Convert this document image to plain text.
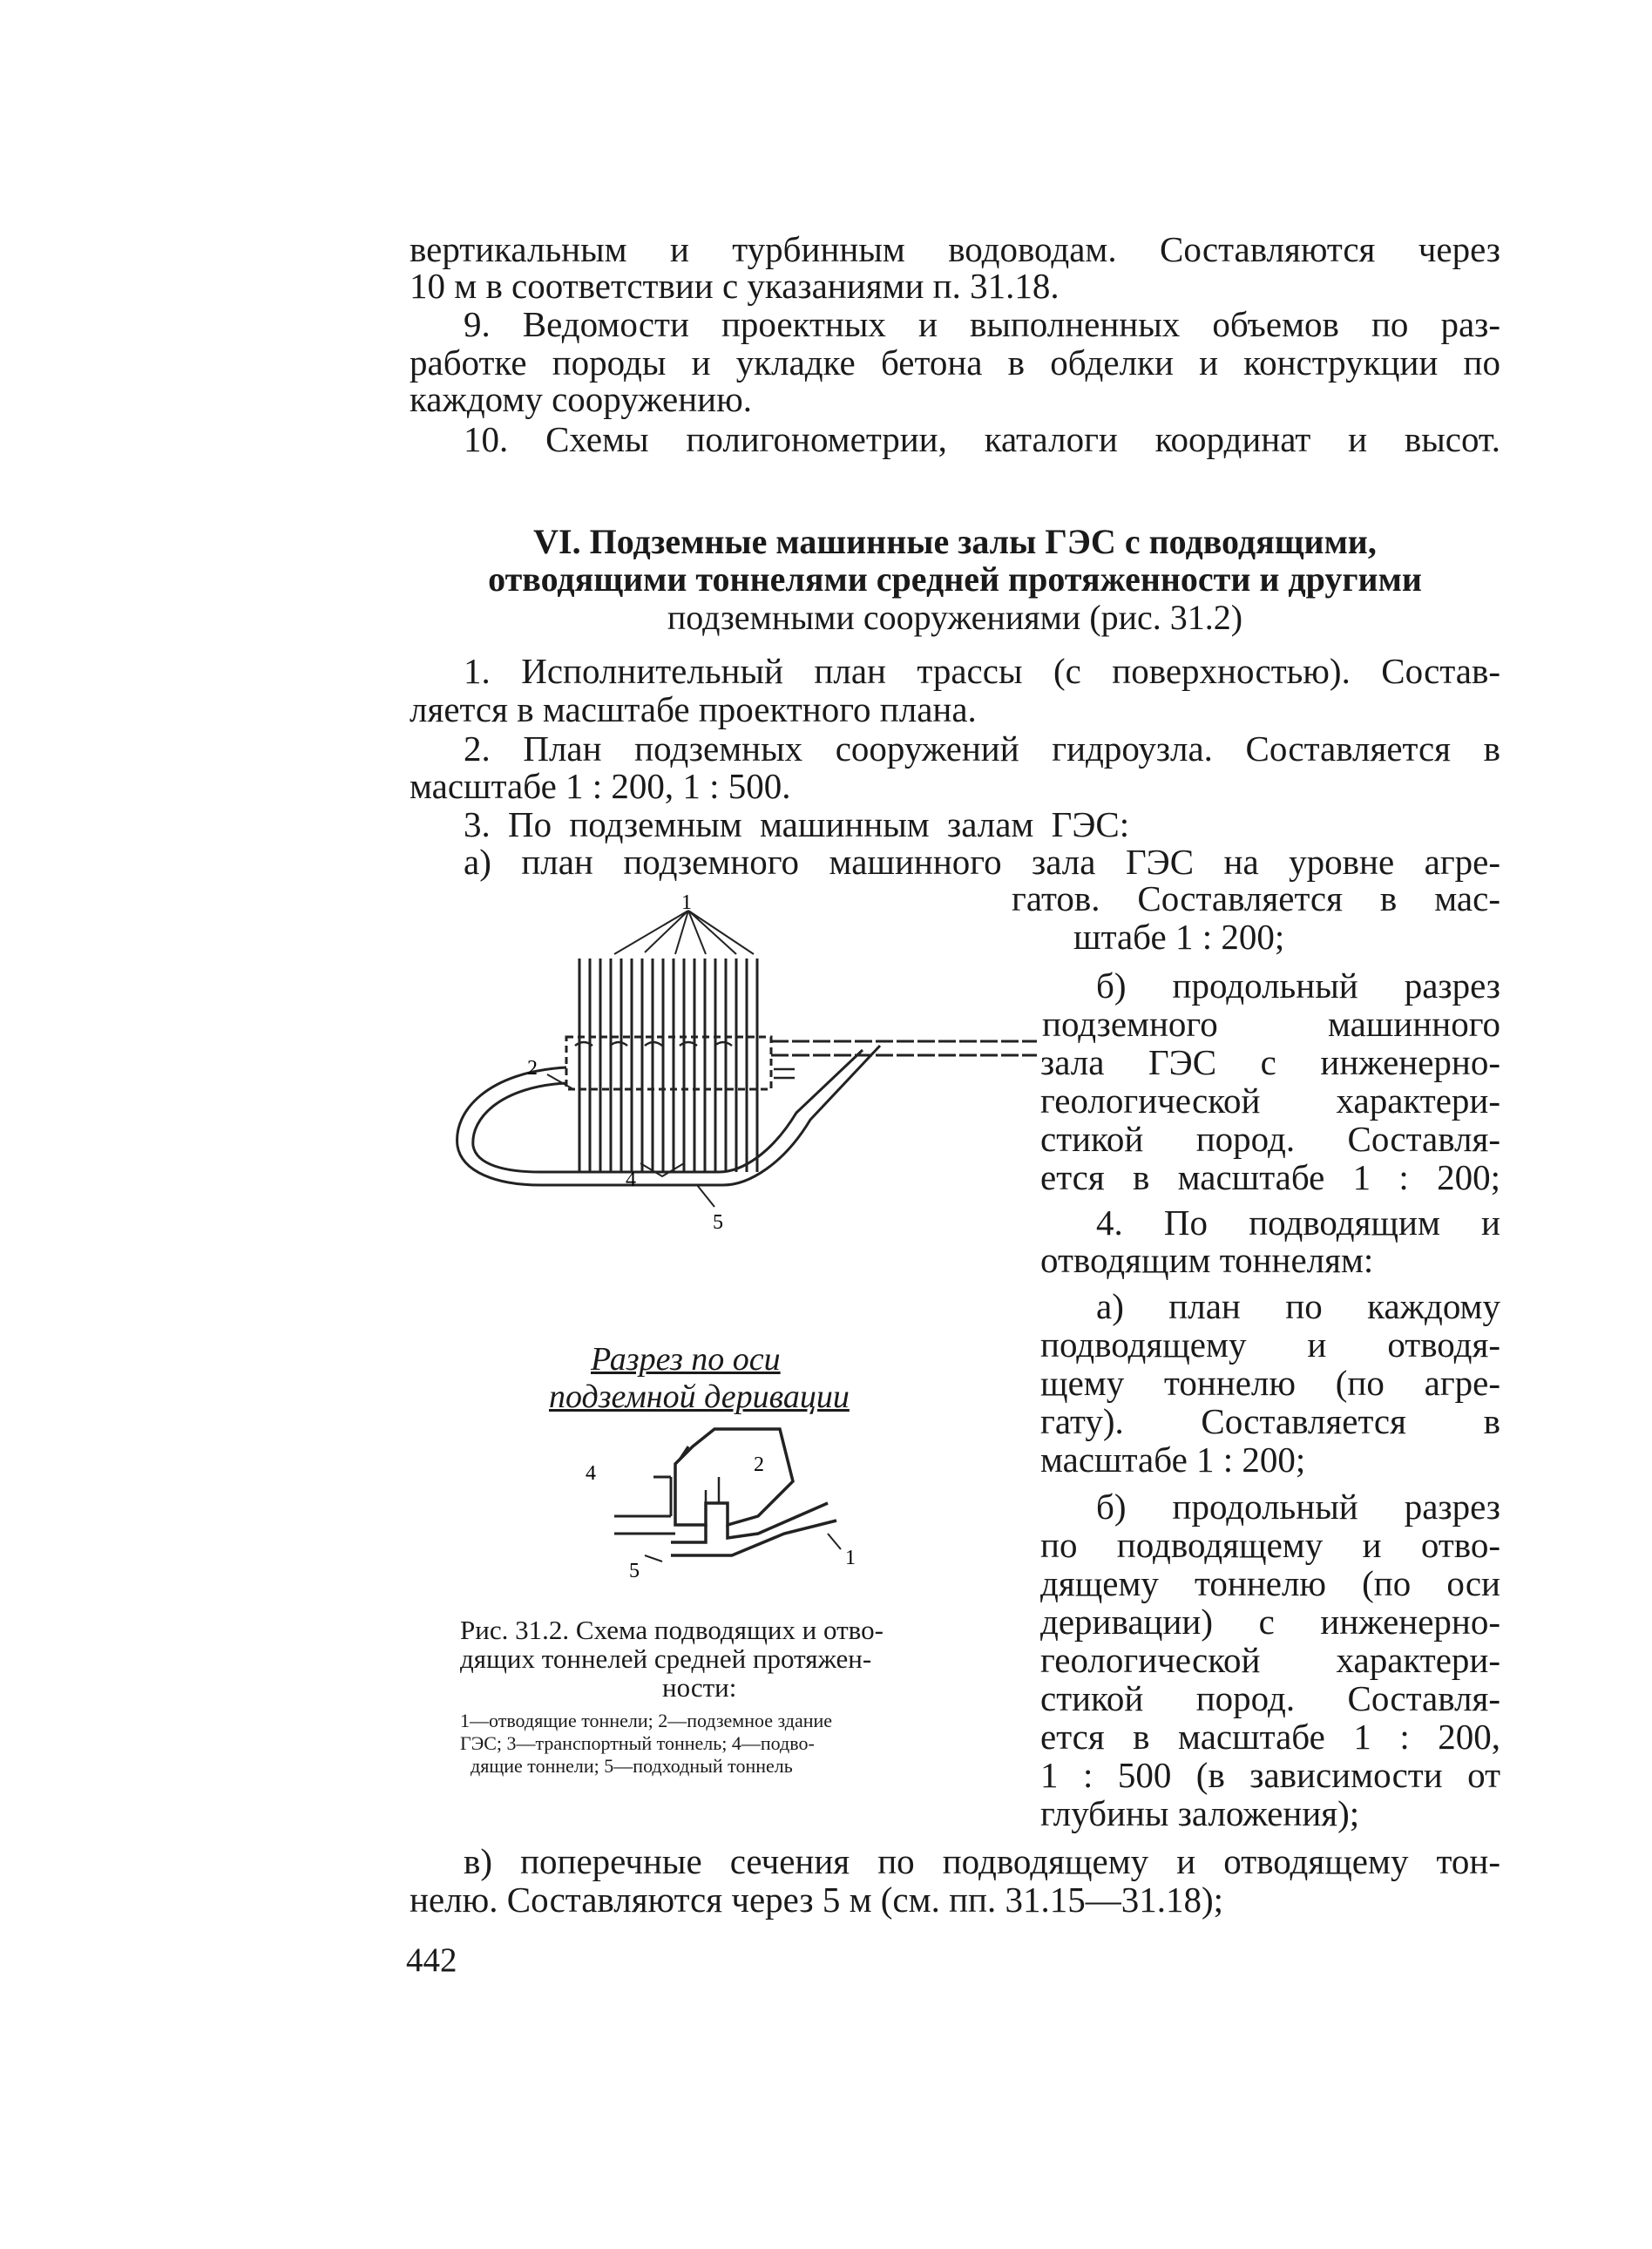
вертикальным и турбинным водоводам. Составляются через
10 м в соответствии с указаниями п. 31.18.
9. Ведомости проектных и выполненных объемов по раз-
работке породы и укладке бетона в обделки и конструкции по
каждому сооружению.
10. Схемы полигонометрии, каталоги координат и высот.
VI. Подземные машинные залы ГЭС с подводящими,
отводящими тоннелями средней протяженности и другими
подземными сооружениями (рис. 31.2)
1. Исполнительный план трассы (с поверхностью). Состав-
ляется в масштабе проектного плана.
2. План подземных сооружений гидроузла. Составляется в
масштабе 1 : 200, 1 : 500.
3. По подземным машинным залам ГЭС:
а) план подземного машинного зала ГЭС на уровне агре-
гатов. Составляется в мас-
штабе 1 : 200;
б) продольный разрез
подземного машинного
зала ГЭС с инженерно-
геологической характери-
стикой пород. Составля-
ется в масштабе 1 : 200;
4. По подводящим и
отводящим тоннелям:
а) план по каждому
подводящему и отводя-
щему тоннелю (по агре-
гату). Составляется в
масштабе 1 : 200;
б) продольный разрез
по подводящему и отво-
дящему тоннелю (по оси
деривации) с инженерно-
геологической характери-
стикой пород. Составля-
ется в масштабе 1 : 200,
1 : 500 (в зависимости от
глубины заложения);
в) поперечные сечения по подводящему и отводящему тон-
нелю. Составляются через 5 м (см. пп. 31.15—31.18);
1
2
4
5
Разрез по оси
подземной деривации
4	2
5
1
Рис. 31.2. Схема подводящих и отво-
дящих тоннелей средней протяжен-
ности:
1—отводящие тоннели; 2—подземное здание
ГЭС; 3—транспортный тоннель; 4—подво-
дящие тоннели; 5—подходный тоннель
442
